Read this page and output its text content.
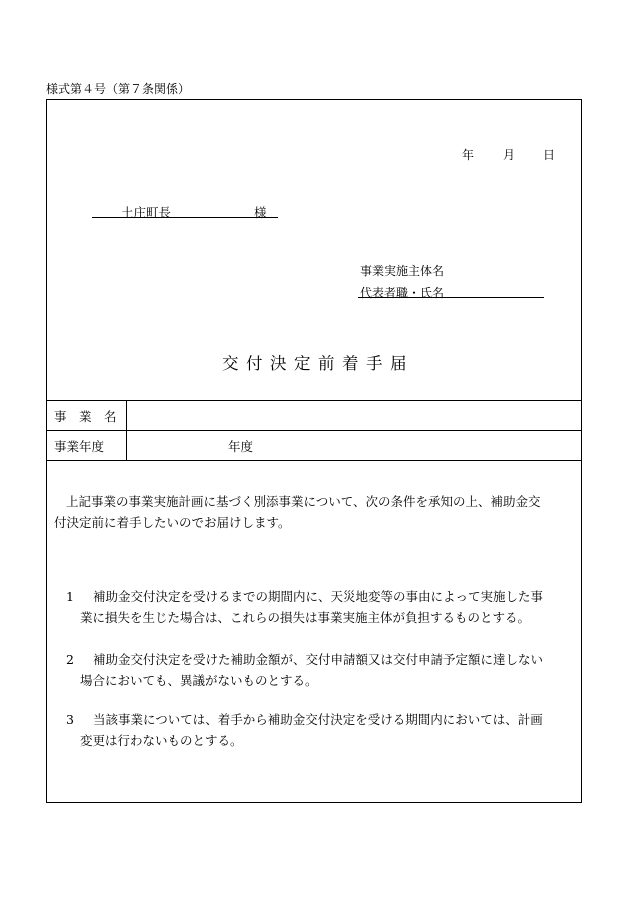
様式第４号（第７条関係）
年 月 日
土庄町長	様
事業実施主体名
代表者職・氏名
交付決定前着手届
事　業　名
事業年度	年度
上記事業の事業実施計画に基づく別添事業について、次の条件を承知の上、補助金交
付決定前に着手したいのでお届けします。
1	補助金交付決定を受けるまでの期間内に、天災地変等の事由によって実施した事
業に損失を生じた場合は、これらの損失は事業実施主体が負担するものとする。
2	補助金交付決定を受けた補助金額が、交付申請額又は交付申請予定額に達しない
場合においても、異議がないものとする。
3	当該事業については、着手から補助金交付決定を受ける期間内においては、計画
変更は行わないものとする。
